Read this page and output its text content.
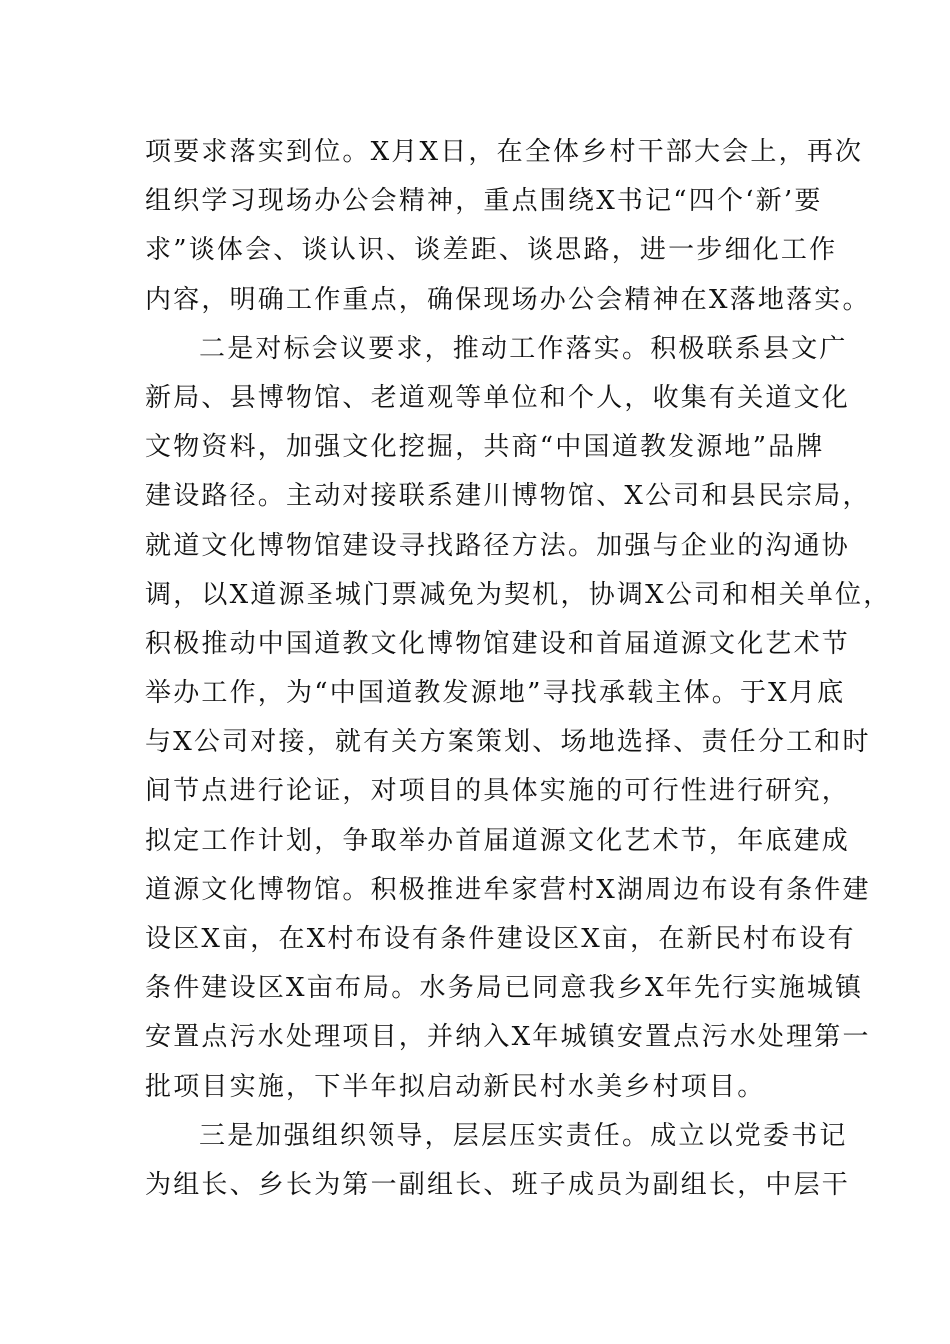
项要求落实到位。X月X日，在全体乡村干部大会上，再次
组织学习现场办公会精神，重点围绕X书记“四个‘新’要
求”谈体会、谈认识、谈差距、谈思路，进一步细化工作
内容，明确工作重点，确保现场办公会精神在X落地落实。
二是对标会议要求，推动工作落实。积极联系县文广
新局、县博物馆、老道观等单位和个人，收集有关道文化
文物资料，加强文化挖掘，共商“中国道教发源地”品牌
建设路径。主动对接联系建川博物馆、X公司和县民宗局，
就道文化博物馆建设寻找路径方法。加强与企业的沟通协
调，以X道源圣城门票减免为契机，协调X公司和相关单位，
积极推动中国道教文化博物馆建设和首届道源文化艺术节
举办工作，为“中国道教发源地”寻找承载主体。于X月底
与X公司对接，就有关方案策划、场地选择、责任分工和时
间节点进行论证，对项目的具体实施的可行性进行研究，
拟定工作计划，争取举办首届道源文化艺术节，年底建成
道源文化博物馆。积极推进牟家营村X湖周边布设有条件建
设区X亩，在X村布设有条件建设区X亩，在新民村布设有
条件建设区X亩布局。水务局已同意我乡X年先行实施城镇
安置点污水处理项目，并纳入X年城镇安置点污水处理第一
批项目实施，下半年拟启动新民村水美乡村项目。
三是加强组织领导，层层压实责任。成立以党委书记
为组长、乡长为第一副组长、班子成员为副组长，中层干
